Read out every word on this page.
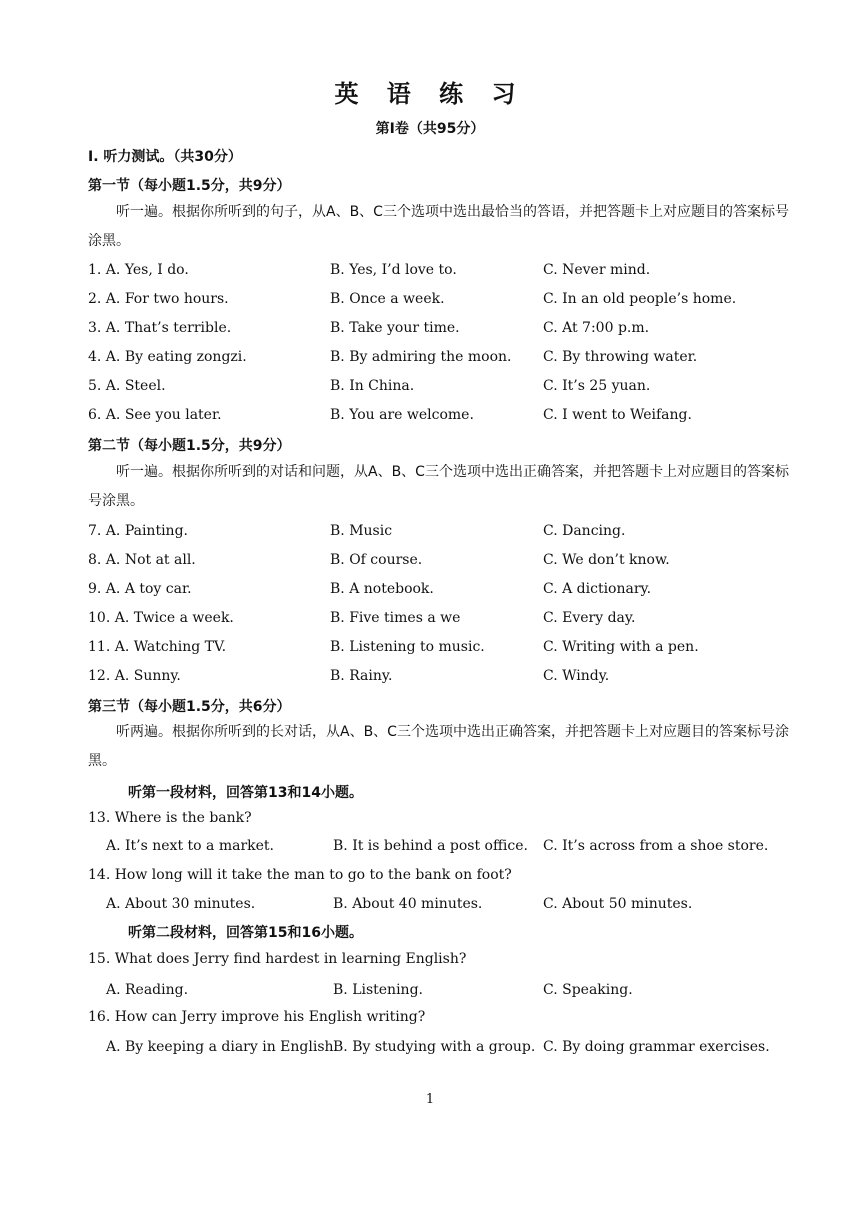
英 语 练 习
第Ⅰ卷（共95分）
I. 听力测试。（共30分）
第一节（每小题1.5分，共9分）
听一遍。根据你所听到的句子，从A、B、C三个选项中选出最恰当的答语，并把答题卡上对应题目的答案标号涂黑。
1. A. Yes, I do.	B. Yes, I’d love to.	C. Never mind.
2. A. For two hours.	B. Once a week.	C. In an old people’s home.
3. A. That’s terrible.	B. Take your time.	C. At 7:00 p.m.
4. A. By eating zongzi.	B. By admiring the moon. C. By throwing water.
5. A. Steel.	B. In China.	C. It’s 25 yuan.
6. A. See you later.	B. You are welcome.	C. I went to Weifang.
第二节（每小题1.5分，共9分）
听一遍。根据你所听到的对话和问题，从A、B、C三个选项中选出正确答案，并把答题卡上对应题目的答案标号涂黑。
7. A. Painting.	B. Music	C. Dancing.
8. A. Not at all.	B. Of course.	C. We don’t know.
9. A. A toy car.	B. A notebook.	C. A dictionary.
10. A. Twice a week.	B. Five times a we	C. Every day.
11. A. Watching TV.	B. Listening to music.	C. Writing with a pen.
12. A. Sunny.	B. Rainy.	C. Windy.
第三节（每小题1.5分，共6分）
听两遍。根据你所听到的长对话，从A、B、C三个选项中选出正确答案，并把答题卡上对应题目的答案标号涂黑。
听第一段材料，回答第13和14小题。
13. Where is the bank?
A. It’s next to a market.	B. It is behind a post office. C. It’s across from a shoe store.
14. How long will it take the man to go to the bank on foot?
A. About 30 minutes.	B. About 40 minutes.	C. About 50 minutes.
听第二段材料，回答第15和16小题。
15. What does Jerry find hardest in learning English?
A. Reading.	B. Listening.	C. Speaking.
16. How can Jerry improve his English writing?
A. By keeping a diary in English.
B. By studying with a group. C. By doing grammar exercises.
1
